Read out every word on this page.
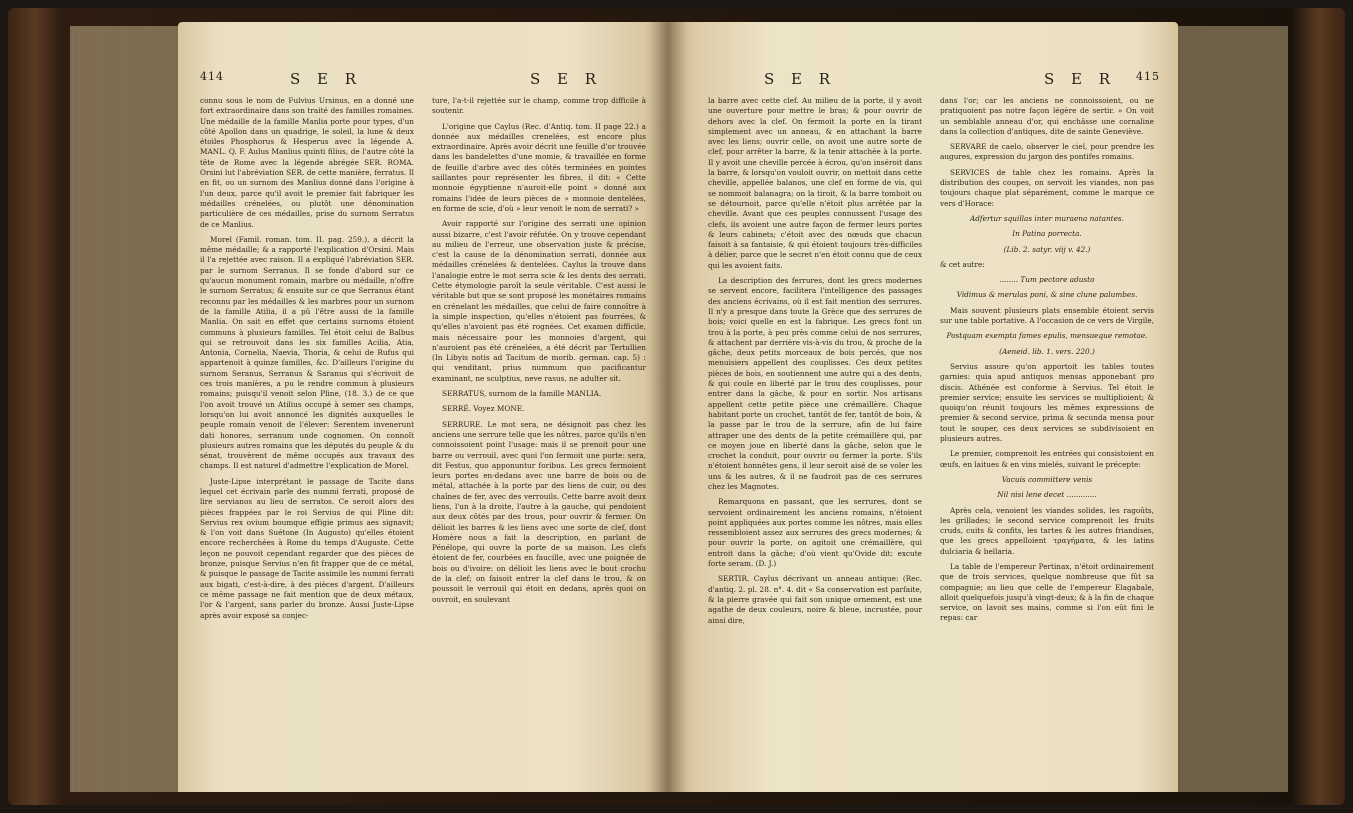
414	S E R	S E R

connu sous le nom de Fulvius Ursinus, en a donné une fort extraordinaire dans son traité des familles romaines. Une médaille de la famille Manlia porte pour types, d'un côté Apollon dans un quadrige, le soleil, la lune & deux étoiles Phosphorus & Hesperus avec la légende A. MANL. Q. F. Aulus Manlius quinti filius, de l'autre côté la tête de Rome avec la légende abrégée SER. ROMA. Orsini lut l'abréviation SER. de cette manière, ferratus. Il en fit, ou un surnom des Manlius donné dans l'origine à l'un deux, parce qu'il avoit le premier fait fabriquer les médailles crénelées, ou plutôt une dénomination particulière de ces médailles, prise du surnom Serratus de ce Manlius.

Morel (Famil. roman. tom. II. pag. 259.), a décrit la même médaille; & a rapporté l'explication d'Orsini. Mais il l'a rejettée avec raison. Il a expliqué l'abréviation SER. par le surnom Serranus. Il se fonde d'abord sur ce qu'aucun monument romain, marbre ou médaille, n'offre le surnom Serratus; & ensuite sur ce que Serranus étant reconnu par les médailles & les marbres pour un surnom de la famille Atilia, il a pû l'être aussi de la famille Manlia. On sait en effet que certains surnoms étoient communs à plusieurs familles. Tel étoit celui de Balbus qui se retrouvoit dans les six familles Acilia, Atia, Antonia, Cornelia, Naevia, Thoria, & celui de Rufus qui appartenoit à quinze familles, &c. D'ailleurs l'origine du surnom Seranus, Serranus & Saranus qui s'écrivoit de ces trois manières, a pu le rendre commun à plusieurs romains; puisqu'il venoit selon Pline, (18. 3.) de ce que l'on avoit trouvé un Atilius occupé à semer ses champs, lorsqu'on lui avoit annoncé les dignités auxquelles le peuple romain venoit de l'élever: Serentem invenerunt dati honores, serranum unde cognomen. On connoît plusieurs autres romains que les députés du peuple & du sénat, trouvèrent de même occupés aux travaux des champs. Il est naturel d'admettre l'explication de Morel.

Juste-Lipse interprétant le passage de Tacite dans lequel cet écrivain parle des nummi ferrati, proposé de lire servianos au lieu de serratos. Ce seroit alors des pièces frappées par le roi Servius de qui Pline dit: Servius rex ovium boumque effigie primus aes signavit; & l'on voit dans Suétone (In Augusto) qu'elles étoient encore recherchées à Rome du temps d'Auguste. Cette leçon ne pouvoit cependant regarder que des pièces de bronze, puisque Servius n'en fit frapper que de ce métal, & puisque le passage de Tacite assimile les nummi ferrati aux bigati, c'est-à-dire, à des pièces d'argent. D'ailleurs ce même passage ne fait mention que de deux métaux, l'or & l'argent, sans parler du bronze. Aussi Juste-Lipse après avoir exposé sa conjec-

ture, l'a-t-il rejettée sur le champ, comme trop difficile à soutenir.

L'origine que Caylus (Rec. d'Antiq. tom. II page 22.) a donnée aux médailles crenelées, est encore plus extraordinaire. Après avoir décrit une feuille d'or trouvée dans les bandelettes d'une momie, & travaillée en forme de feuille d'arbre avec des côtés terminées en pointes saillantes pour représenter les fibres, il dit: « Cette monnoie égyptienne n'auroit-elle point » donné aux romains l'idée de leurs pièces de » monnoie dentelées, en forme de scie, d'où » leur venoit le nom de serrati? »

Avoir rapporté sur l'origine des serrati une opinion aussi bizarre, c'est l'avoir réfutée. On y trouve cependant au milieu de l'erreur, une observation juste & précise, c'est la cause de la dénomination serrati, donnée aux médailles crénelées & dentelées. Caylus la trouve dans l'analogie entre le mot serra scie & les dents des serrati. Cette étymologie paroît la seule véritable. C'est aussi le véritable but que se sont proposé les monétaires romains en crénelant les médailles, que celui de faire connoître à la simple inspection, qu'elles n'étoient pas fourrées, & qu'elles n'avoient pas été rognées. Cet examen difficile, mais nécessaire pour les monnoies d'argent, qui n'auroient pas été crénelées, a été décrit par Tertullien (In Libyis notis ad Tacitum de morib. german. cap. 5) : qui venditant, prius nummum quo pacificantur examinant, ne sculptius, neve rasus, ne adulter sit.

SERRATUS, surnom de la famille MANLIA.

SERRÉ. Voyez MONE.

SERRURE. Le mot sera, ne désignoit pas chez les anciens une serrure telle que les nôtres, parce qu'ils n'en connoissoient point l'usage: mais il se prenoit pour une barre ou verrouil, avec quoi l'on fermoit une porte: sera, dit Festus, quo apponuntur foribus. Les grecs fermoient leurs portes en-dedans avec une barre de bois ou de métal, attachée à la porte par des liens de cuir, ou des chaînes de fer, avec des verrouils. Cette barre avoit deux liens, l'un à la droite, l'autre à la gauche, qui pendoient aux deux côtés par des trous, pour ouvrir & fermer. On délioit les barres & les liens avec une sorte de clef, dont Homère nous a fait la description, en parlant de Pénélope, qui ouvre la porte de sa maison. Les clefs étoient de fer, courbées en faucille, avec une poignée de bois ou d'ivoire: on délioit les liens avec le bout crochu de la clef; on faisoit entrer la clef dans le trou, & on poussoit le verrouil qui étoit en dedans, après quoi on ouvroit, en soulevant

S E R	S E R 415

la barre avec cette clef. Au milieu de la porte, il y avoit une ouverture pour mettre le bras; & pour ouvrir de dehors avec la clef. On fermoit la porte en la tirant simplement avec un anneau, & en attachant la barre avec les liens; ouvrir celle, on avoit une autre sorte de clef, pour arrêter la barre, & la tenir attachée à la porte. Il y avoit une cheville percée à écrou, qu'on inséroit dans la barre, & lorsqu'on vouloit ouvrir, on mettoit dans cette cheville, appellée balanos, une clef en forme de vis, qui se nommoit balanagra; on la tiroit, & la barre tomboit ou se détournoit, parce qu'elle n'étoit plus arrêtée par la cheville. Avant que ces peuples connussent l'usage des clefs, ils avoient une autre façon de fermer leurs portes & leurs cabinets; c'étoit avec des nœuds que chacun faisoit à sa fantaisie, & qui étoient toujours très-difficiles à délier, parce que le secret n'en étoit connu que de ceux qui les avoient faits.

La description des ferrures, dont les grecs modernes se servent encore, facilitera l'intelligence des passages des anciens écrivains, où il est fait mention des serrures. Il n'y a presque dans toute la Grèce que des serrures de bois; voici quelle en est la fabrique. Les grecs font un trou à la porte, à peu près comme celui de nos serrures, & attachent par derrière vis-à-vis du trou, & proche de la gâche, deux petits morceaux de bois percés, que nos menuisiers appellent des couplisses. Ces deux petites pièces de bois, en soutiennent une autre qui a des dents, & qui coule en liberté par le trou des couplisses, pour entrer dans la gâche, & pour en sortir. Nos artisans appellent cette petite pièce une crémaillère. Chaque habitant porte un crochet, tantôt de fer, tantôt de bois, & la passe par le trou de la serrure, afin de lui faire attraper une des dents de la petite crémaillère qui, par ce moyen joue en liberté dans la gâche, selon que le crochet la conduit, pour ouvrir ou fermer la porte. S'ils n'étoient honnêtes gens, il leur seroit aisé de se voler les uns & les autres, & il ne faudroit pas de ces serrures chez les Magnotes.

Remarquons en passant, que les serrures, dont se servoient ordinairement les anciens romains, n'étoient point appliquées aux portes comme les nôtres, mais elles ressembloient assez aux serrures des grecs modernes; & pour ouvrir la porte, on agitoit une crémaillère, qui entroit dans la gâche; d'où vient qu'Ovide dit: excute forte seram. (D. J.)

SERTIR. Caylus décrivant un anneau antique: (Rec. d'antiq. 2. pl. 28. n°. 4. dit « Sa conservation est parfaite, & la pierre gravée qui fait son unique ornement, est une agathe de deux couleurs, noire & bleue, incrustée, pour ainsi dire,

dans l'or; car les anciens ne connoissoient, ou ne pratiquoient pas notre façon légère de sertir. » On voit un semblable anneau d'or, qui enchâsse une cornaline dans la collection d'antiques, dite de sainte Geneviève.

SERVARE de caelo, observer le ciel, pour prendre les augures, expression du jargon des pontifes romains.

SERVICES de table chez les romains. Après la distribution des coupes, on servoit les viandes, non pas toujours chaque plat séparément, comme le marque ce vers d'Horace:

Adfertur squillas inter muraena natantes.

In Patina porrecta.

(Lib. 2. satyr. viij v. 42.)

& cet autre:

........ Tum pectore adusto

Vidimus & merulas poni, & sine clune palumbes.

Mais souvent plusieurs plats ensemble étoient servis sur une table portative. A l'occasion de ce vers de Virgile,

Postquam exempta fames epulis, mensaeque remotae.

(Aeneid. lib. 1. vers. 220.)

Servius assure qu'on apportoit les tables toutes garnies: quia apud antiquos mensas apponebant pro discis. Athénée est conforme à Servius. Tel étoit le premier service; ensuite les services se multiplioient; & quoiqu'on réunit toujours les mêmes expressions de premier & second service, prima & secunda mensa pour tout le souper, ces deux services se subdivisoient en plusieurs autres.

Le premier, comprenoit les entrées qui consistoient en œufs, en laitues & en vins mielés, suivant le précepte:

Vacuis committere venis

Nil nisi lene decet .............

Après cela, venoient les viandes solides, les ragoûts, les grillades; le second service comprenoit les fruits cruds, cuits & confits, les tartes & les autres friandises, que les grecs appelloient τραγήματα, & les latins dulciaria & bellaria.

La table de l'empereur Pertinax, n'étoit ordinairement que de trois services, quelque nombreuse que fût sa compagnie; au lieu que celle de l'empereur Elagabale, alloit quelquefois jusqu'à vingt-deux; & à la fin de chaque service, on lavoit ses mains, comme si l'on eût fini le repas: car
